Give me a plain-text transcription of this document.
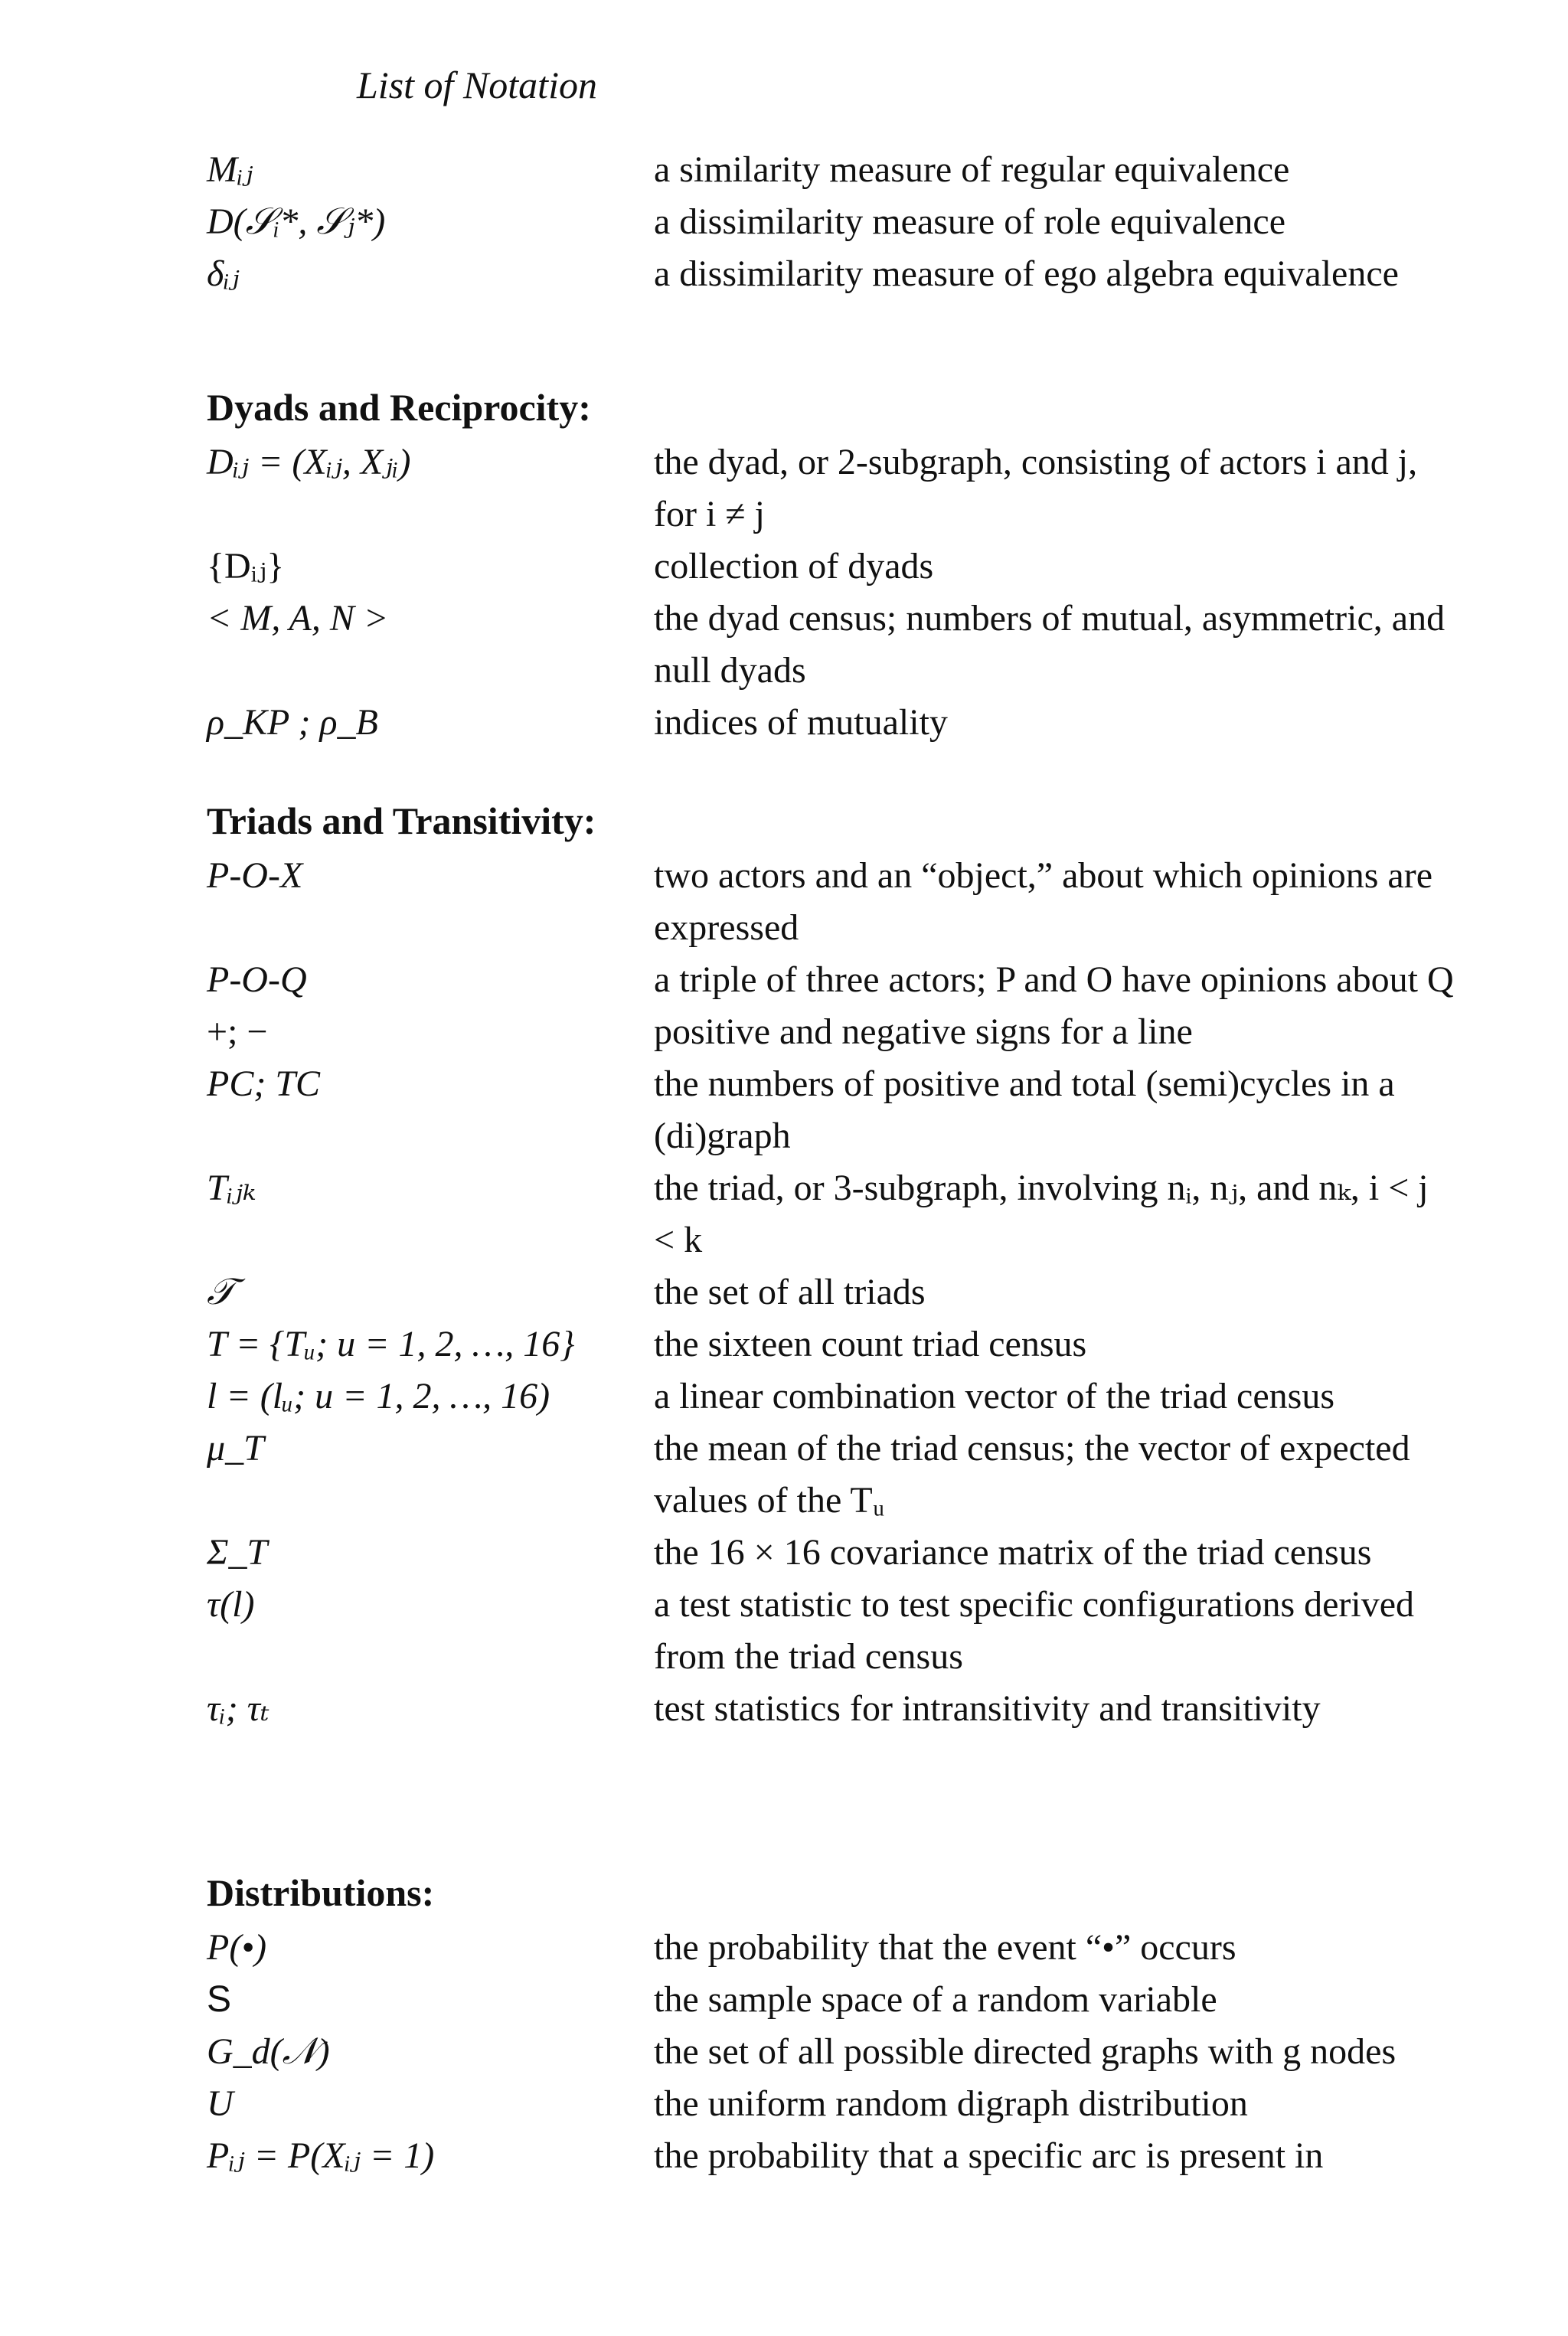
List of Notation
Mᵢⱼ	a similarity measure of regular equivalence
D(𝒮ᵢ*, 𝒮ⱼ*)	a dissimilarity measure of role equivalence
δᵢⱼ	a dissimilarity measure of ego algebra equivalence
Dyads and Reciprocity:
Dᵢⱼ = (Xᵢⱼ, Xⱼᵢ)	the dyad, or 2-subgraph, consisting of actors i and j, for i ≠ j
{Dᵢⱼ}	collection of dyads
< M, A, N >	the dyad census; numbers of mutual, asymmetric, and null dyads
ρ_KP ; ρ_B	indices of mutuality
Triads and Transitivity:
P-O-X	two actors and an “object,” about which opinions are expressed
P-O-Q	a triple of three actors; P and O have opinions about Q
+; −	positive and negative signs for a line
PC; TC	the numbers of positive and total (semi)cycles in a (di)graph
Tᵢⱼₖ	the triad, or 3-subgraph, involving nᵢ, nⱼ, and nₖ, i < j < k
𝒯	the set of all triads
T = {Tᵤ; u = 1, 2, …, 16}	the sixteen count triad census
l = (lᵤ; u = 1, 2, …, 16)	a linear combination vector of the triad census
μ_T	the mean of the triad census; the vector of expected values of the Tᵤ
Σ_T	the 16 × 16 covariance matrix of the triad census
τ(l)	a test statistic to test specific configurations derived from the triad census
τᵢ; τₜ	test statistics for intransitivity and transitivity
Distributions:
P(•)	the probability that the event “•” occurs
S	the sample space of a random variable
G_d(𝒩)	the set of all possible directed graphs with g nodes
U	the uniform random digraph distribution
Pᵢⱼ = P(Xᵢⱼ = 1)	the probability that a specific arc is present in
